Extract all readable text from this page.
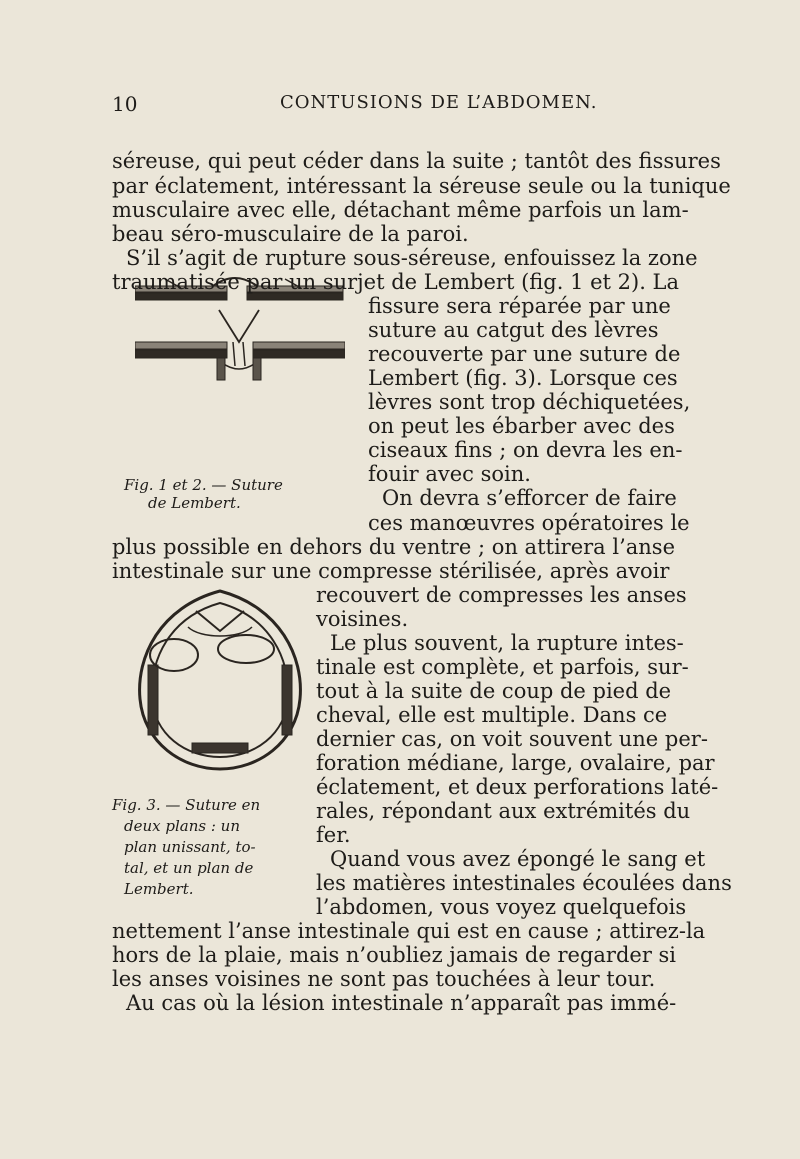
10	CONTUSIONS DE L’ABDOMEN.
séreuse, qui peut céder dans la suite ; tantôt des fissures
par éclatement, intéressant la séreuse seule ou la tunique
musculaire avec elle, détachant même parfois un lam-
beau séro-musculaire de la paroi.
S’il s’agit de rupture sous-séreuse, enfouissez la zone
traumatisée par un surjet de Lembert (fig. 1 et 2). La
fissure sera réparée par une
suture au catgut des lèvres
recouverte par une suture de
Lembert (fig. 3). Lorsque ces
lèvres sont trop déchiquetées,
on peut les ébarber avec des
ciseaux fins ; on devra les en-
fouir avec soin.
On devra s’efforcer de faire
ces manœuvres opératoires le
plus possible en dehors du ventre ; on attirera l’anse
intestinale sur une compresse stérilisée, après avoir
recouvert de compresses les anses
voisines.
Le plus souvent, la rupture intes-
tinale est complète, et parfois, sur-
tout à la suite de coup de pied de
cheval, elle est multiple. Dans ce
dernier cas, on voit souvent une per-
foration médiane, large, ovalaire, par
éclatement, et deux perforations laté-
rales, répondant aux extrémités du
fer.
Quand vous avez épongé le sang et
les matières intestinales écoulées dans
l’abdomen, vous voyez quelquefois
nettement l’anse intestinale qui est en cause ; attirez-la
hors de la plaie, mais n’oubliez jamais de regarder si
les anses voisines ne sont pas touchées à leur tour.
Au cas où la lésion intestinale n’apparaît pas immé-
Fig. 1 et 2. — Suture
de Lembert.
Fig. 3. — Suture en
deux plans : un
plan unissant, to-
tal, et un plan de
Lembert.
